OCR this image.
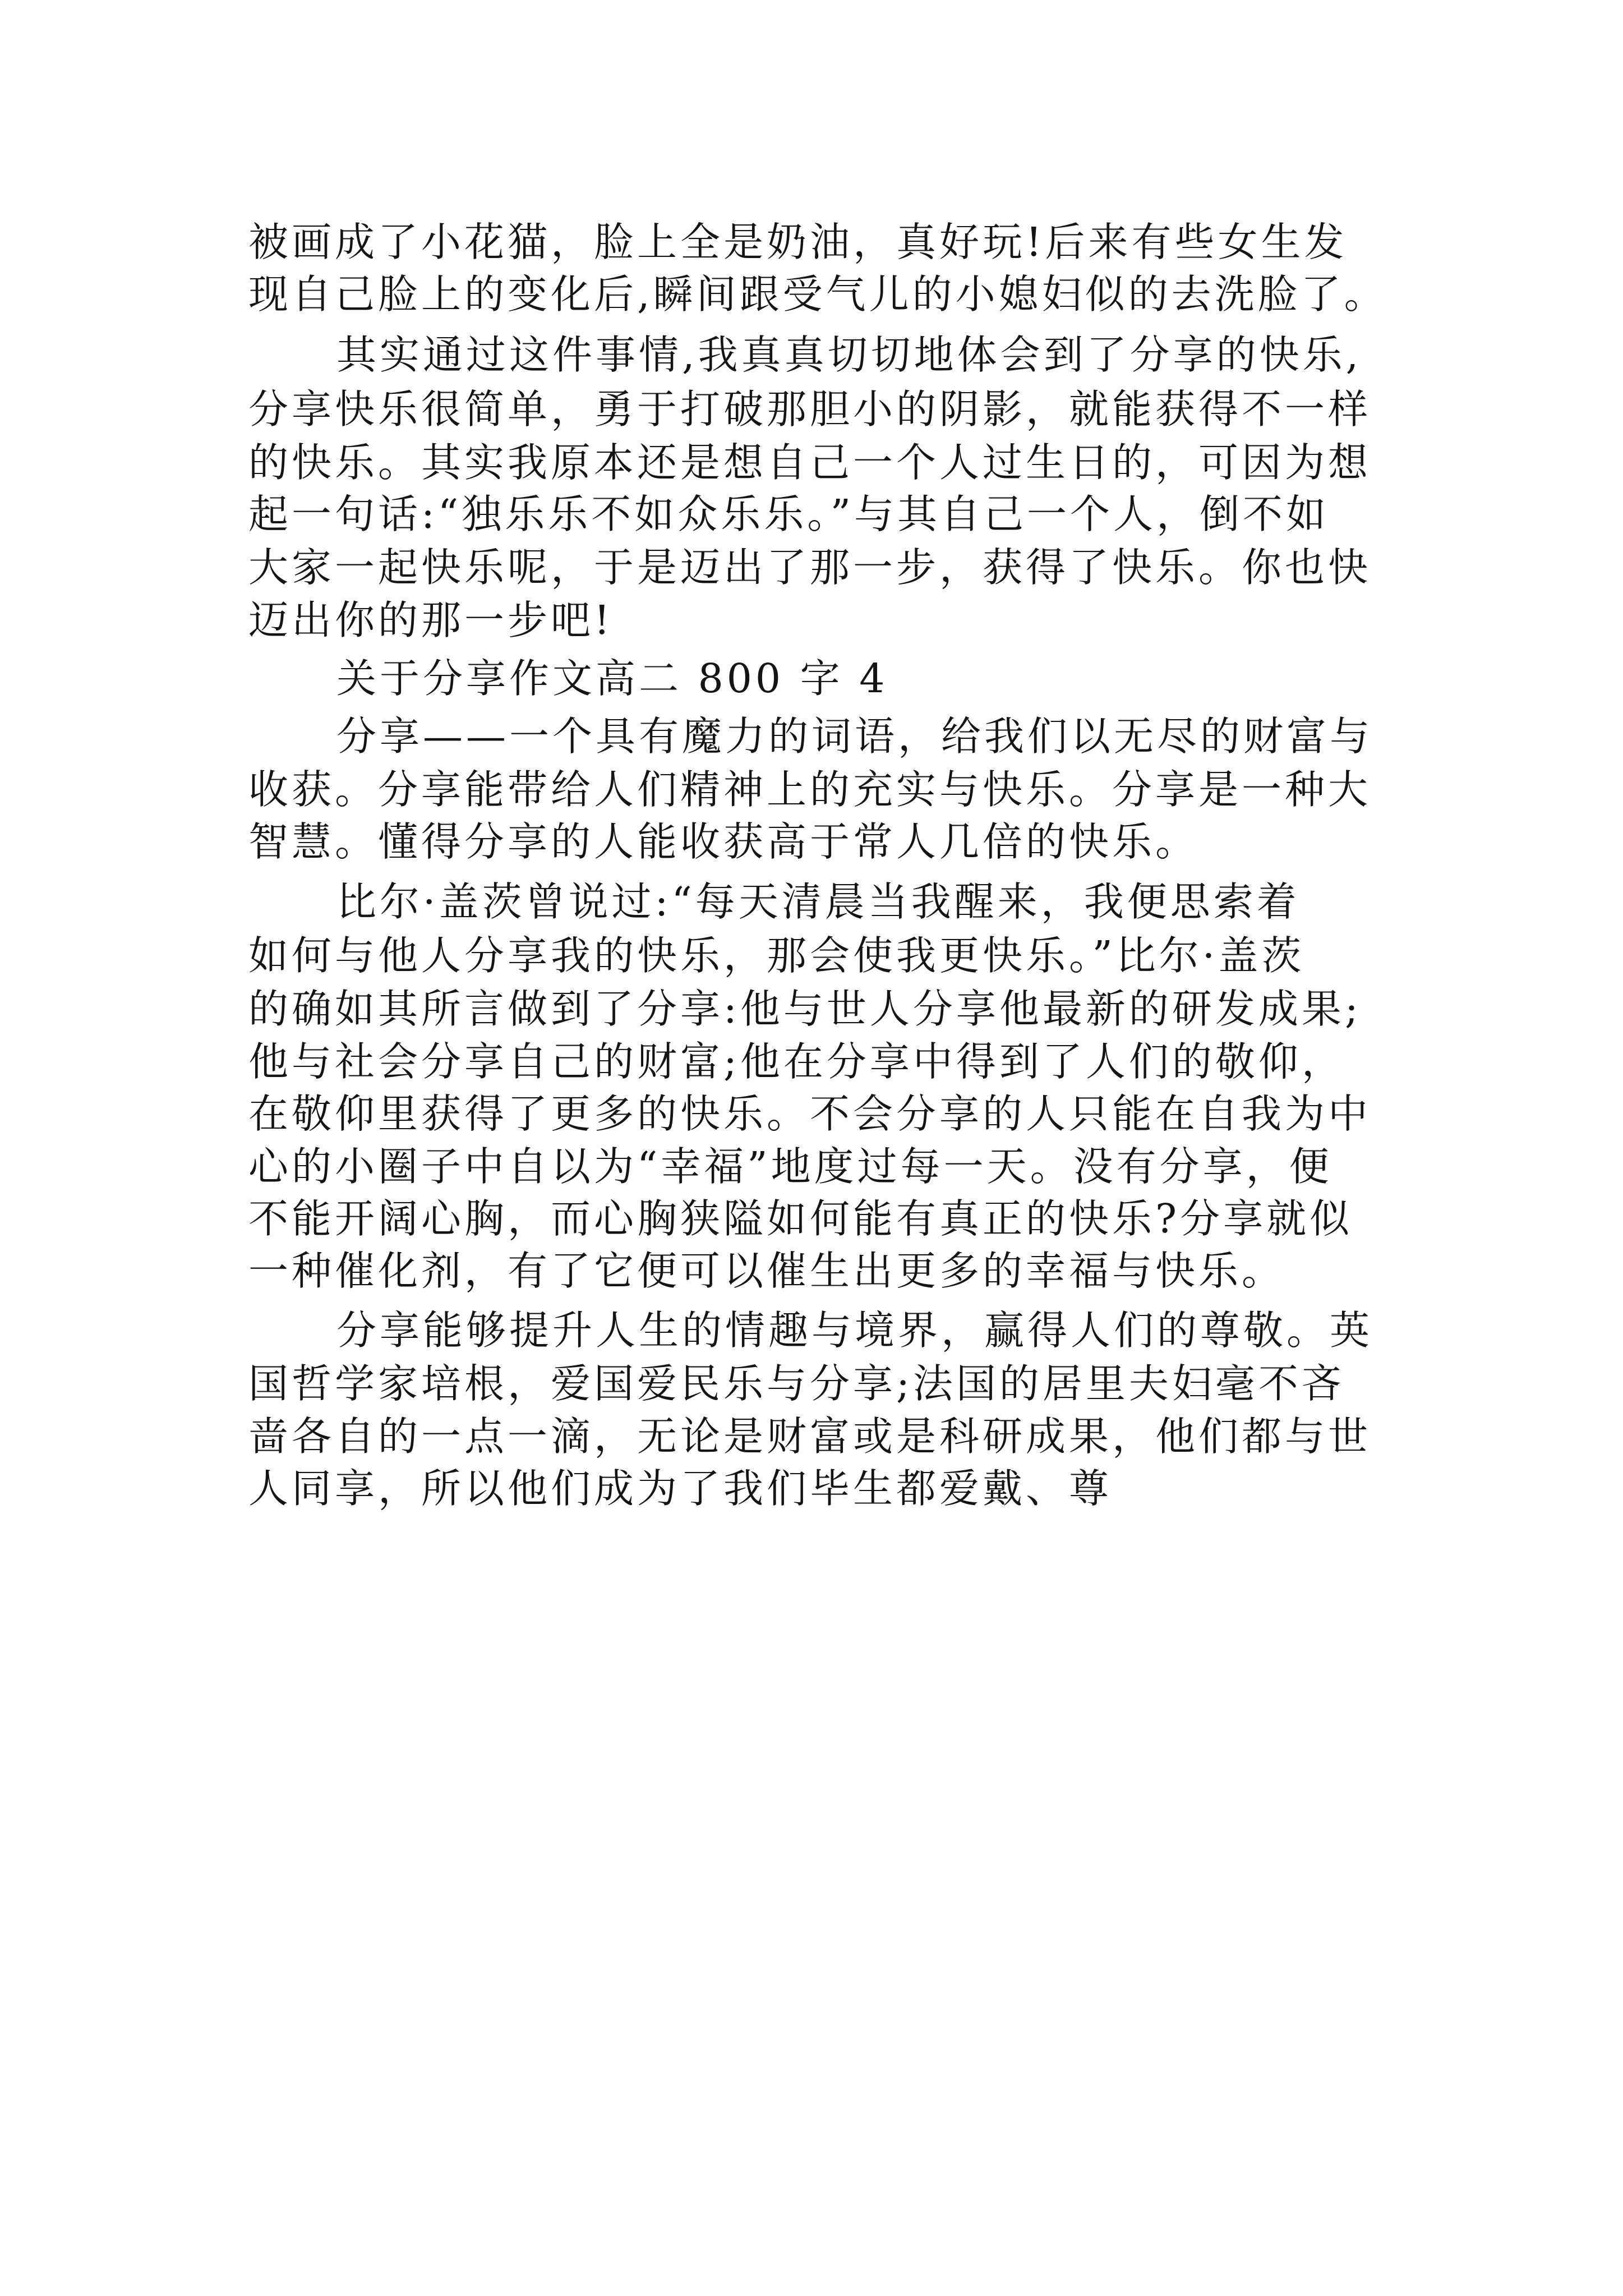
被画成了小花猫，脸上全是奶油，真好玩!后来有些女生发
现自己脸上的变化后,瞬间跟受气儿的小媳妇似的去洗脸了。
其实通过这件事情,我真真切切地体会到了分享的快乐,
分享快乐很简单，勇于打破那胆小的阴影，就能获得不一样
的快乐。其实我原本还是想自己一个人过生日的，可因为想
起一句话:“独乐乐不如众乐乐。”与其自己一个人，倒不如
大家一起快乐呢，于是迈出了那一步，获得了快乐。你也快
迈出你的那一步吧!
关于分享作文高二 800 字 4
分享——一个具有魔力的词语，给我们以无尽的财富与
收获。分享能带给人们精神上的充实与快乐。分享是一种大
智慧。懂得分享的人能收获高于常人几倍的快乐。
比尔·盖茨曾说过:“每天清晨当我醒来，我便思索着
如何与他人分享我的快乐，那会使我更快乐。”比尔·盖茨
的确如其所言做到了分享:他与世人分享他最新的研发成果;
他与社会分享自己的财富;他在分享中得到了人们的敬仰，
在敬仰里获得了更多的快乐。不会分享的人只能在自我为中
心的小圈子中自以为“幸福”地度过每一天。没有分享，便
不能开阔心胸，而心胸狭隘如何能有真正的快乐?分享就似
一种催化剂，有了它便可以催生出更多的幸福与快乐。
分享能够提升人生的情趣与境界，赢得人们的尊敬。英
国哲学家培根，爱国爱民乐与分享;法国的居里夫妇毫不吝
啬各自的一点一滴，无论是财富或是科研成果，他们都与世
人同享，所以他们成为了我们毕生都爱戴、尊
